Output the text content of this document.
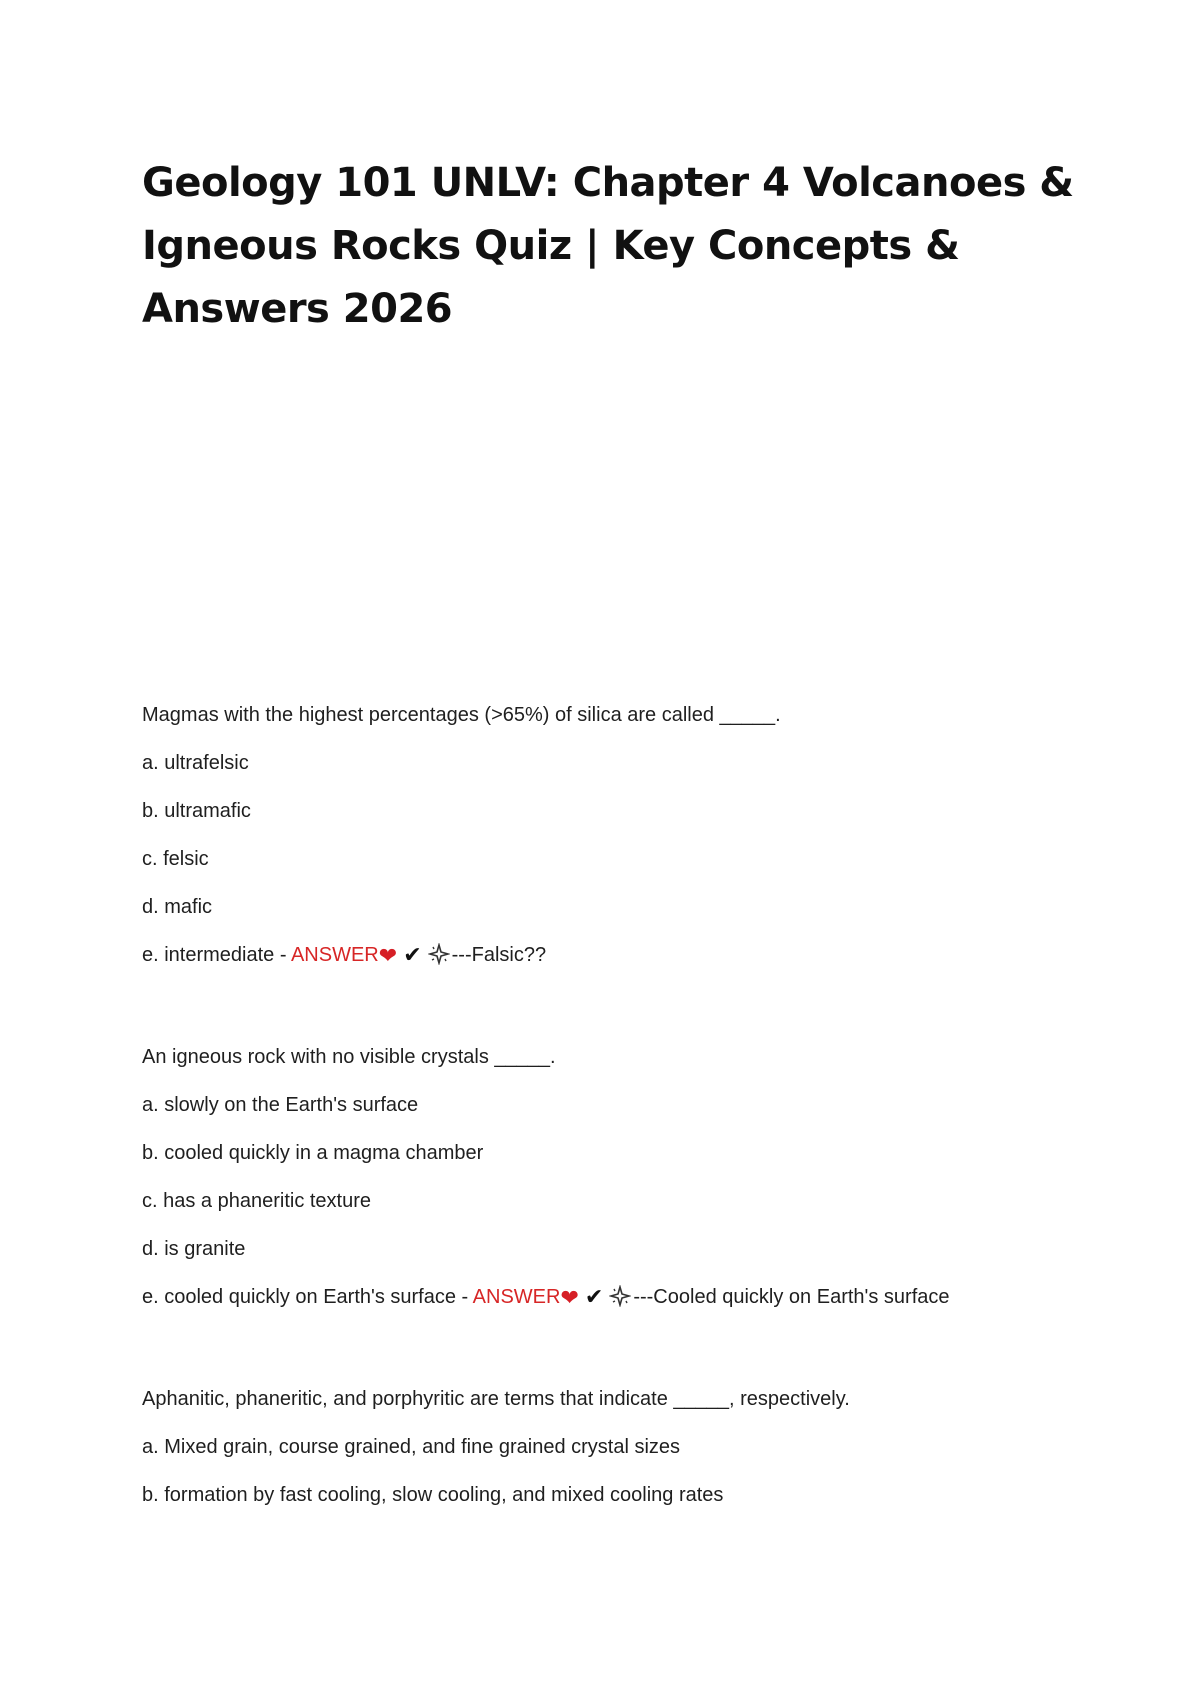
Geology 101 UNLV: Chapter 4 Volcanoes & Igneous Rocks Quiz | Key Concepts & Answers 2026

Magmas with the highest percentages (>65%) of silica are called _____.

a. ultrafelsic

b. ultramafic

c. felsic

d. mafic

e. intermediate - ANSWER❤ ✔ ---Falsic??

An igneous rock with no visible crystals _____.

a. slowly on the Earth's surface

b. cooled quickly in a magma chamber

c. has a phaneritic texture

d. is granite

e. cooled quickly on Earth's surface - ANSWER❤ ✔ ---Cooled quickly on Earth's surface

Aphanitic, phaneritic, and porphyritic are terms that indicate _____, respectively.

a. Mixed grain, course grained, and fine grained crystal sizes

b. formation by fast cooling, slow cooling, and mixed cooling rates
